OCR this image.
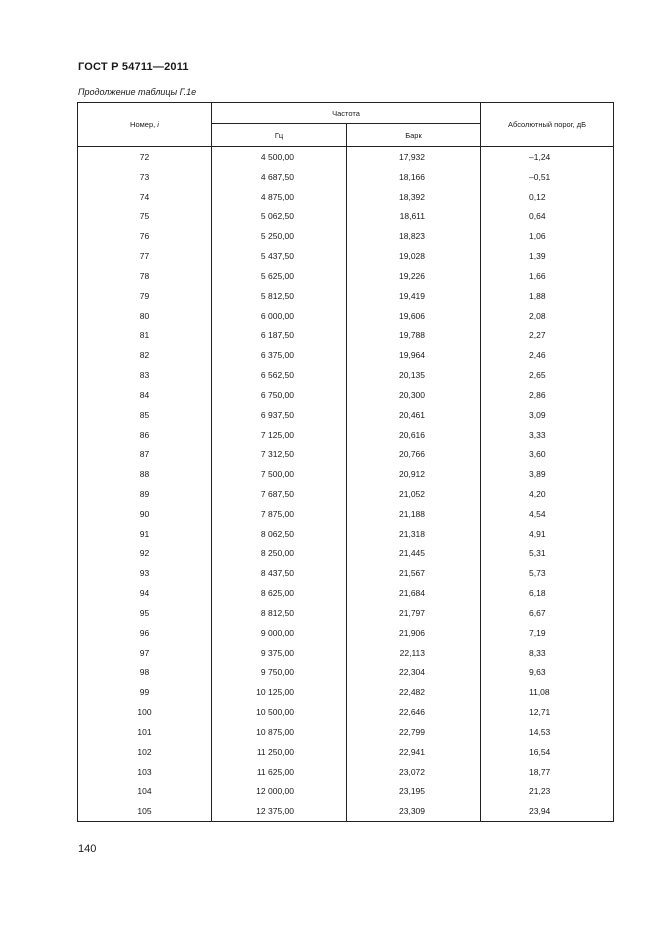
ГОСТ Р 54711—2011
Продолжение таблицы Г.1е
Номер, i	Частота		Абсолютный порог, дБ
	Гц	Барк	
72	4 500,00	17,932	–1,24
73	4 687,50	18,166	–0,51
74	4 875,00	18,392	0,12
75	5 062,50	18,611	0,64
76	5 250,00	18,823	1,06
77	5 437,50	19,028	1,39
78	5 625,00	19,226	1,66
79	5 812,50	19,419	1,88
80	6 000,00	19,606	2,08
81	6 187,50	19,788	2,27
82	6 375,00	19,964	2,46
83	6 562,50	20,135	2,65
84	6 750,00	20,300	2,86
85	6 937,50	20,461	3,09
86	7 125,00	20,616	3,33
87	7 312,50	20,766	3,60
88	7 500,00	20,912	3,89
89	7 687,50	21,052	4,20
90	7 875,00	21,188	4,54
91	8 062,50	21,318	4,91
92	8 250,00	21,445	5,31
93	8 437,50	21,567	5,73
94	8 625,00	21,684	6,18
95	8 812,50	21,797	6,67
96	9 000,00	21,906	7,19
97	9 375,00	22,113	8,33
98	9 750,00	22,304	9,63
99	10 125,00	22,482	11,08
100	10 500,00	22,646	12,71
101	10 875,00	22,799	14,53
102	11 250,00	22,941	16,54
103	11 625,00	23,072	18,77
104	12 000,00	23,195	21,23
105	12 375,00	23,309	23,94
140
